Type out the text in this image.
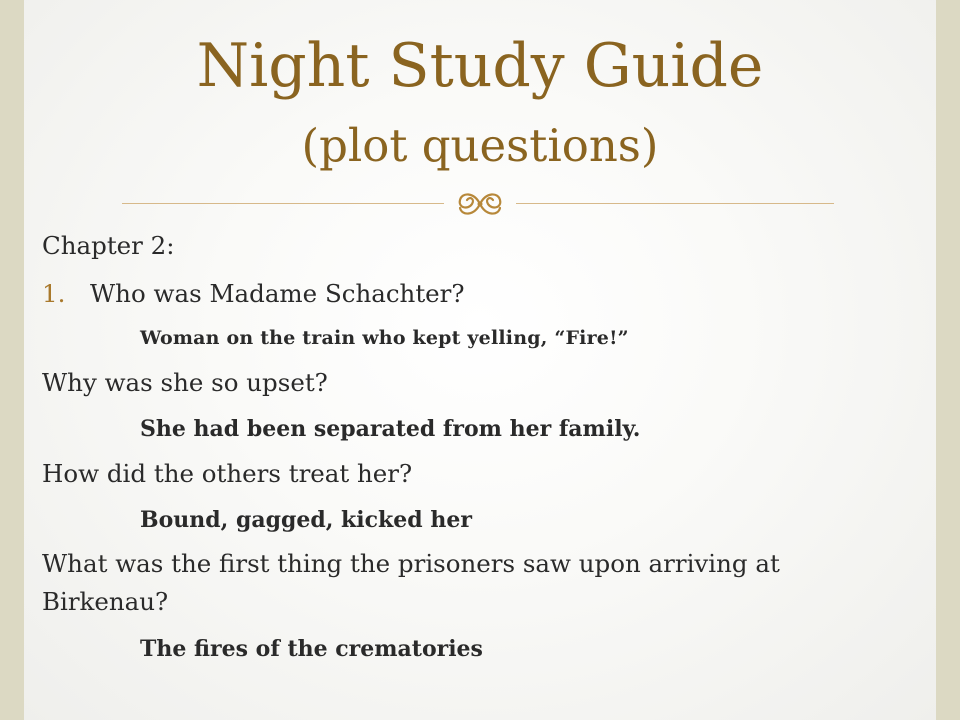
Night Study Guide
(plot questions)
Chapter 2:
1. Who was Madame Schachter?
Woman on the train who kept yelling, “Fire!”
Why was she so upset?
She had been separated from her family.
How did the others treat her?
Bound, gagged, kicked her
What was the first thing the prisoners saw upon arriving at
Birkenau?
The fires of the crematories
